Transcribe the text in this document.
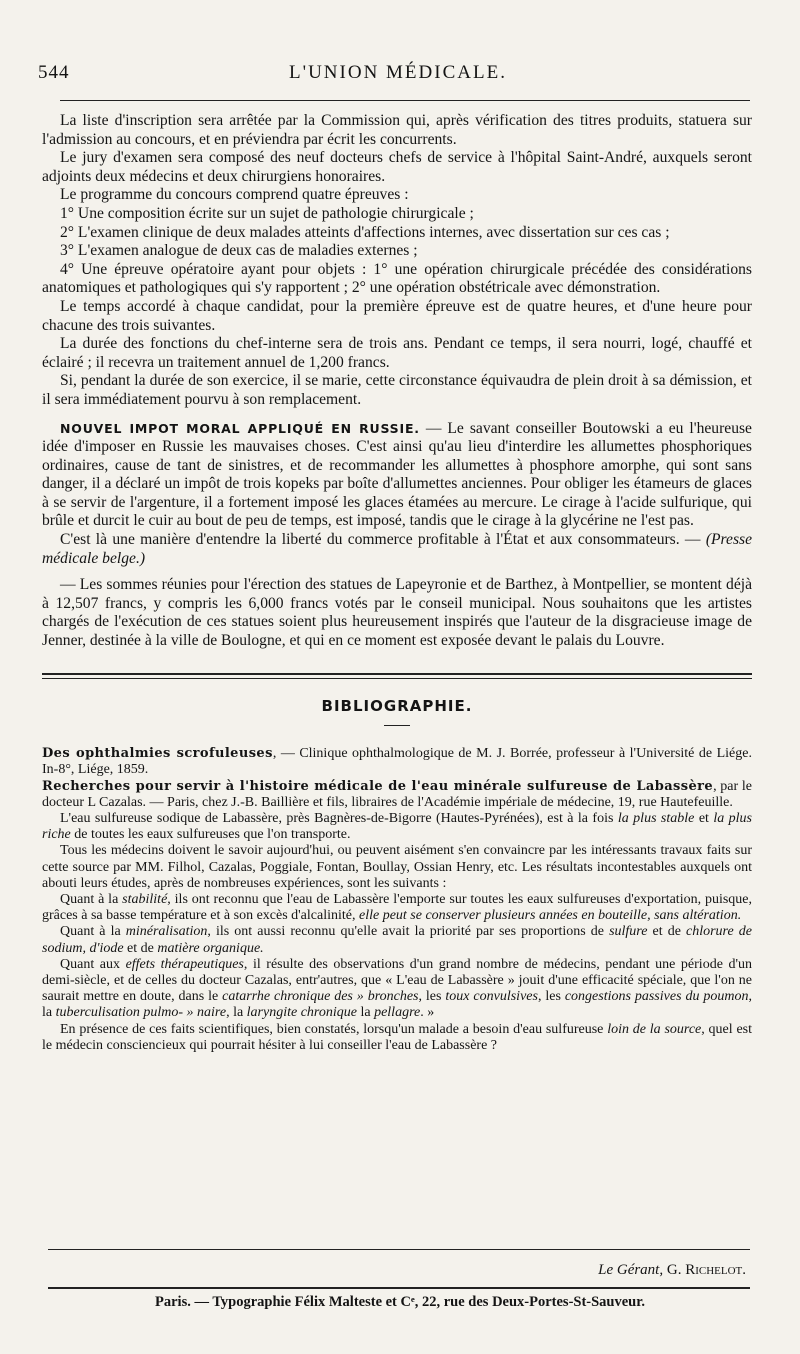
544	L'UNION MÉDICALE.

La liste d'inscription sera arrêtée par la Commission qui, après vérification des titres produits, statuera sur l'admission au concours, et en préviendra par écrit les concurrents.

Le jury d'examen sera composé des neuf docteurs chefs de service à l'hôpital Saint-André, auxquels seront adjoints deux médecins et deux chirurgiens honoraires.

Le programme du concours comprend quatre épreuves :

1° Une composition écrite sur un sujet de pathologie chirurgicale ;

2° L'examen clinique de deux malades atteints d'affections internes, avec dissertation sur ces cas ;

3° L'examen analogue de deux cas de maladies externes ;

4° Une épreuve opératoire ayant pour objets : 1° une opération chirurgicale précédée des considérations anatomiques et pathologiques qui s'y rapportent ; 2° une opération obstétricale avec démonstration.

Le temps accordé à chaque candidat, pour la première épreuve est de quatre heures, et d'une heure pour chacune des trois suivantes.

La durée des fonctions du chef-interne sera de trois ans. Pendant ce temps, il sera nourri, logé, chauffé et éclairé ; il recevra un traitement annuel de 1,200 francs.

Si, pendant la durée de son exercice, il se marie, cette circonstance équivaudra de plein droit à sa démission, et il sera immédiatement pourvu à son remplacement.

NOUVEL IMPOT MORAL APPLIQUÉ EN RUSSIE. — Le savant conseiller Boutowski a eu l'heureuse idée d'imposer en Russie les mauvaises choses. C'est ainsi qu'au lieu d'interdire les allumettes phosphoriques ordinaires, cause de tant de sinistres, et de recommander les allumettes à phosphore amorphe, qui sont sans danger, il a déclaré un impôt de trois kopeks par boîte d'allumettes anciennes. Pour obliger les étameurs de glaces à se servir de l'argenture, il a fortement imposé les glaces étamées au mercure. Le cirage à l'acide sulfurique, qui brûle et durcit le cuir au bout de peu de temps, est imposé, tandis que le cirage à la glycérine ne l'est pas.

C'est là une manière d'entendre la liberté du commerce profitable à l'État et aux consommateurs. — (Presse médicale belge.)

— Les sommes réunies pour l'érection des statues de Lapeyronie et de Barthez, à Montpellier, se montent déjà à 12,507 francs, y compris les 6,000 francs votés par le conseil municipal. Nous souhaitons que les artistes chargés de l'exécution de ces statues soient plus heureusement inspirés que l'auteur de la disgracieuse image de Jenner, destinée à la ville de Boulogne, et qui en ce moment est exposée devant le palais du Louvre.

BIBLIOGRAPHIE.

Des ophthalmies scrofuleuses, — Clinique ophthalmologique de M. J. Borrée, professeur à l'Université de Liége. In-8°, Liége, 1859.

Recherches pour servir à l'histoire médicale de l'eau minérale sulfureuse de Labassère, par le docteur L Cazalas. — Paris, chez J.-B. Baillière et fils, libraires de l'Académie impériale de médecine, 19, rue Hautefeuille.

L'eau sulfureuse sodique de Labassère, près Bagnères-de-Bigorre (Hautes-Pyrénées), est à la fois la plus stable et la plus riche de toutes les eaux sulfureuses que l'on transporte.

Tous les médecins doivent le savoir aujourd'hui, ou peuvent aisément s'en convaincre par les intéressants travaux faits sur cette source par MM. Filhol, Cazalas, Poggiale, Fontan, Boullay, Ossian Henry, etc. Les résultats incontestables auxquels ont abouti leurs études, après de nombreuses expériences, sont les suivants :

Quant à la stabilité, ils ont reconnu que l'eau de Labassère l'emporte sur toutes les eaux sulfureuses d'exportation, puisque, grâces à sa basse température et à son excès d'alcalinité, elle peut se conserver plusieurs années en bouteille, sans altération.

Quant à la minéralisation, ils ont aussi reconnu qu'elle avait la priorité par ses proportions de sulfure et de chlorure de sodium, d'iode et de matière organique.

Quant aux effets thérapeutiques, il résulte des observations d'un grand nombre de médecins, pendant une période d'un demi-siècle, et de celles du docteur Cazalas, entr'autres, que « L'eau de Labassère » jouit d'une efficacité spéciale, que l'on ne saurait mettre en doute, dans le catarrhe chronique des » bronches, les toux convulsives, les congestions passives du poumon, la tuberculisation pulmo- » naire, la laryngite chronique la pellagre. »

En présence de ces faits scientifiques, bien constatés, lorsqu'un malade a besoin d'eau sulfureuse loin de la source, quel est le médecin consciencieux qui pourrait hésiter à lui conseiller l'eau de Labassère ?

Le Gérant, G. Richelot.
Paris. — Typographie Félix Malteste et Cᵉ, 22, rue des Deux-Portes-St-Sauveur.
